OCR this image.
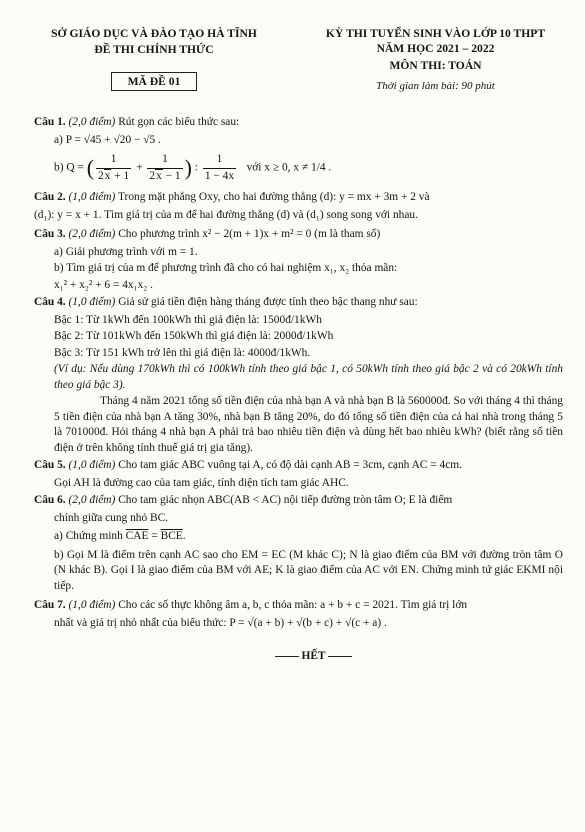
SỞ GIÁO DỤC VÀ ĐÀO TẠO HÀ TĨNH
ĐỀ THI CHÍNH THỨC
MÃ ĐỀ 01
KỲ THI TUYỂN SINH VÀO LỚP 10 THPT
NĂM HỌC 2021 – 2022
MÔN THI: TOÁN
Thời gian làm bài: 90 phút
Câu 1. (2,0 điểm) Rút gọn các biểu thức sau:
a) P = √45 + √20 − √5 .
b) Q = ( $\frac{1}{2x + 1} + \frac{1}{2x - 1}$ ) : $\frac{1}{1 - 4x}$ với x ≥ 0, x ≠ 1/4 .
Câu 2. (1,0 điểm) Trong mặt phẳng Oxy, cho hai đường thẳng (d): y = mx + 3m + 2 và
(d₁): y = x + 1. Tìm giá trị của m để hai đường thẳng (d) và (d₁) song song với nhau.
Câu 3. (2,0 điểm) Cho phương trình x² − 2(m + 1)x + m² = 0 (m là tham số)
a) Giải phương trình với m = 1.
b) Tìm giá trị của m để phương trình đã cho có hai nghiệm x₁, x₂ thỏa mãn:
x₁² + x₂² + 6 = 4x₁x₂ .
Câu 4. (1,0 điểm) Giả sử giá tiền điện hàng tháng được tính theo bậc thang như sau:
Bậc 1: Từ 1kWh đến 100kWh thì giá điện là: 1500đ/1kWh
Bậc 2: Từ 101kWh đến 150kWh thì giá điện là: 2000đ/1kWh
Bậc 3: Từ 151 kWh trở lên thì giá điện là: 4000đ/1kWh.
(Ví dụ: Nếu dùng 170kWh thì có 100kWh tính theo giá bậc 1, có 50kWh tính theo giá bậc 2 và có 20kWh tính theo giá bậc 3).
Tháng 4 năm 2021 tổng số tiền điện của nhà bạn A và nhà bạn B là 560000đ. So với tháng 4 thì tháng 5 tiền điện của nhà bạn A tăng 30%, nhà bạn B tăng 20%, do đó tổng số tiền điện của cả hai nhà trong tháng 5 là 701000đ. Hỏi tháng 4 nhà bạn A phải trả bao nhiêu tiền điện và dùng hết bao nhiêu kWh? (biết rằng số tiền điện ở trên không tính thuế giá trị gia tăng).
Câu 5. (1,0 điểm) Cho tam giác ABC vuông tại A, có độ dài cạnh AB = 3cm, cạnh AC = 4cm.
Gọi AH là đường cao của tam giác, tính diện tích tam giác AHC.
Câu 6. (2,0 điểm) Cho tam giác nhọn ABC(AB < AC) nội tiếp đường tròn tâm O; E là điểm
chính giữa cung nhỏ BC.
a) Chứng minh $\overline{CAE} = \overline{BCE}$.
b) Gọi M là điểm trên cạnh AC sao cho EM = EC (M khác C); N là giao điểm của BM với đường tròn tâm O (N khác B). Gọi I là giao điểm của BM với AE; K là giao điểm của AC với EN. Chứng minh tứ giác EKMI nội tiếp.
Câu 7. (1,0 điểm) Cho các số thực không âm a, b, c thỏa mãn: a + b + c = 2021. Tìm giá trị lớn
nhất và giá trị nhỏ nhất của biểu thức: P = √(a + b) + √(b + c) + √(c + a) .
HẾT
